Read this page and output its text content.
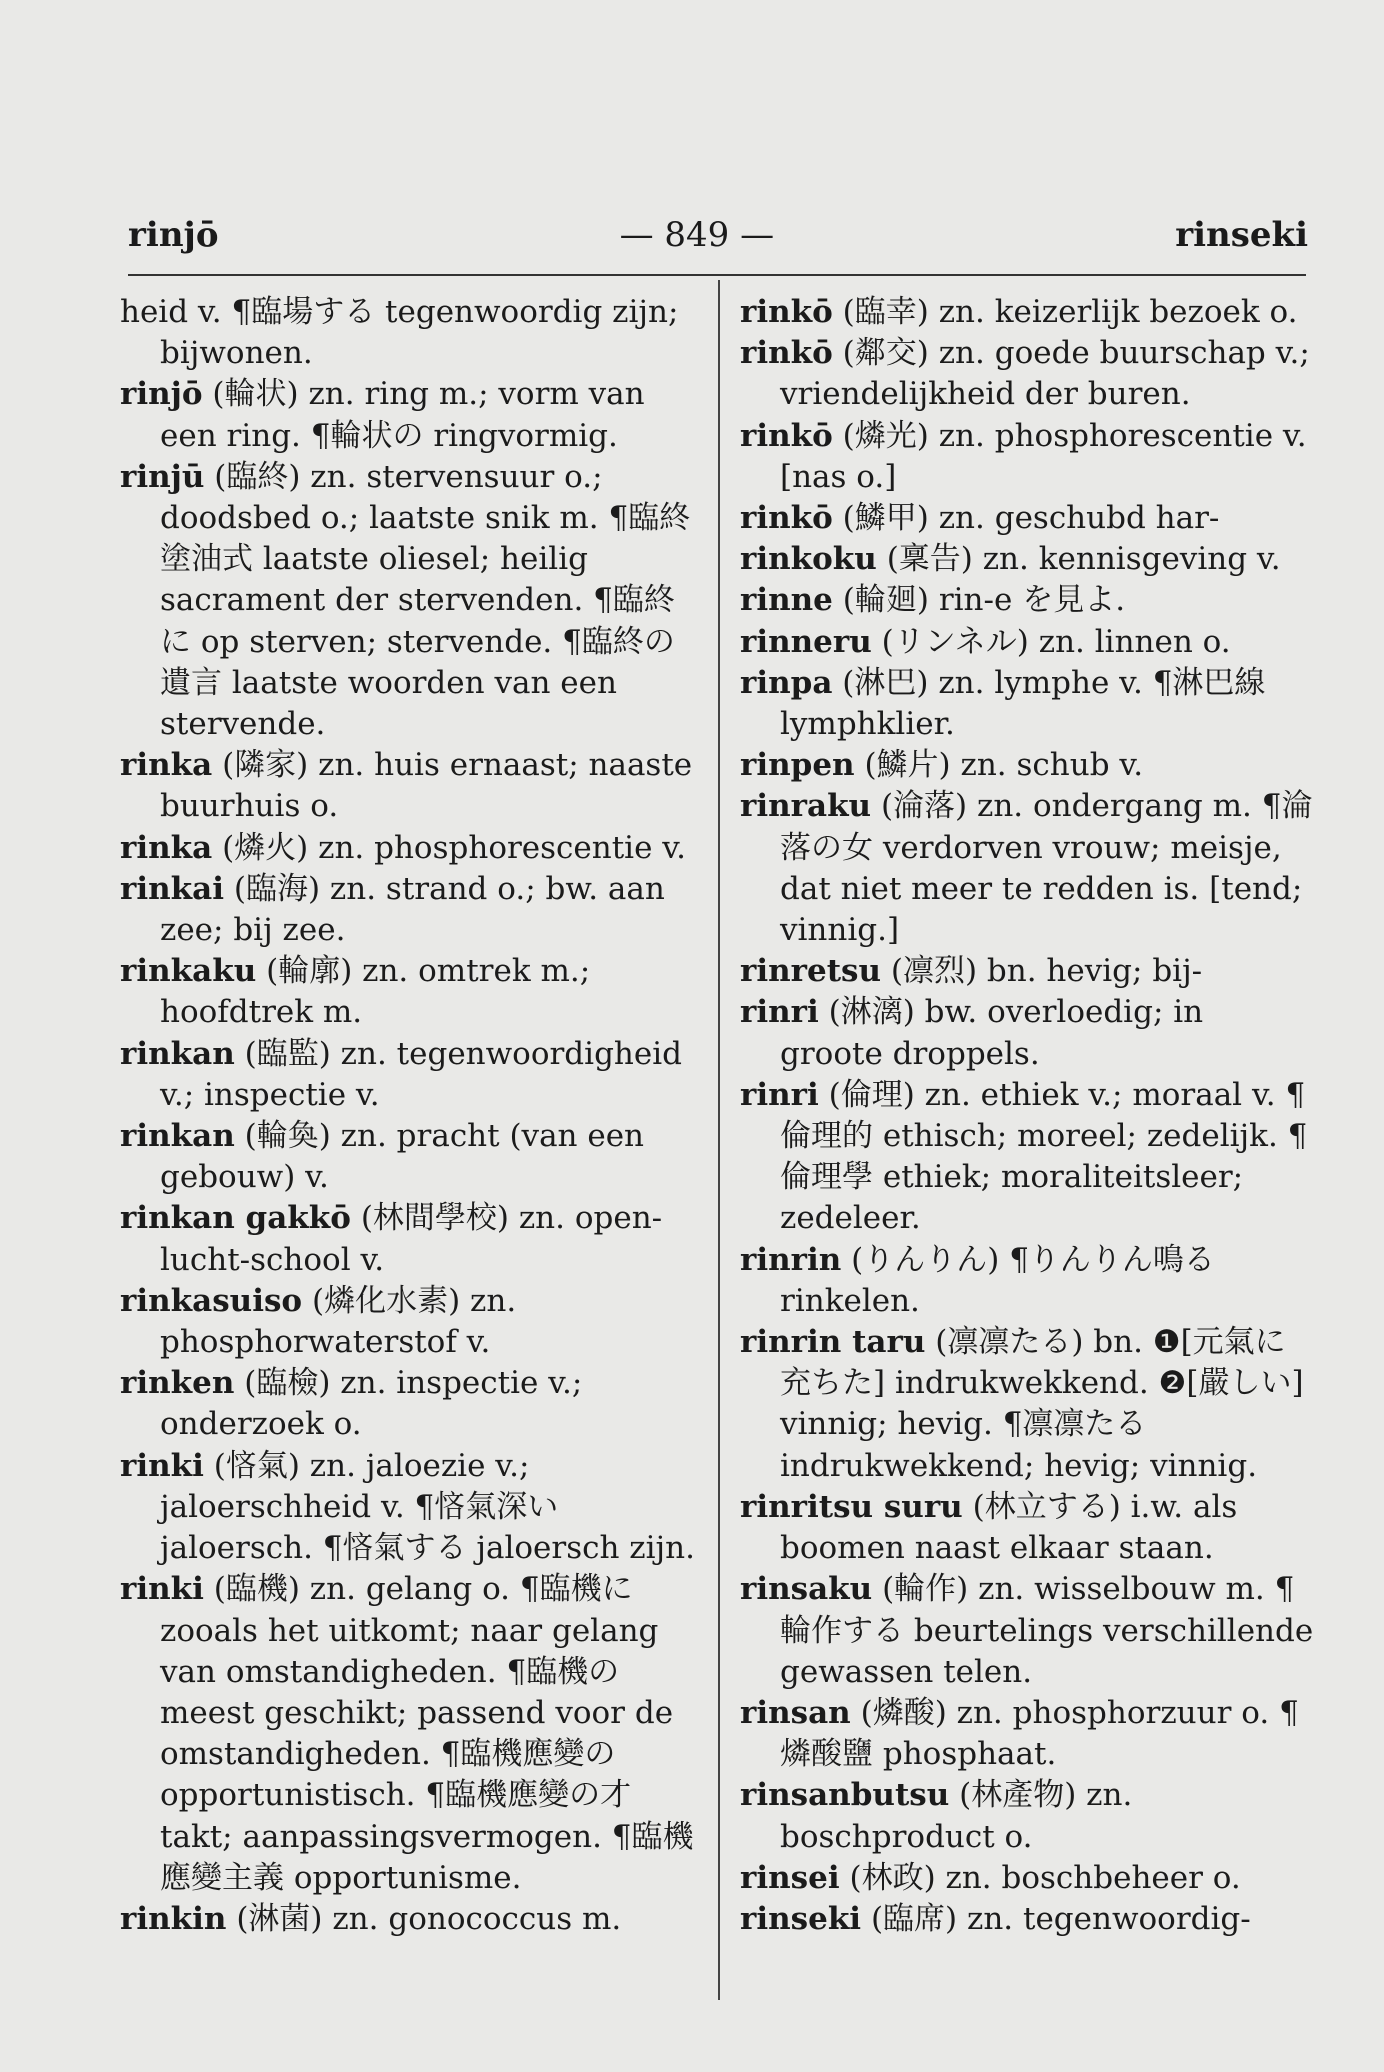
rinjō	— 849 —	rinseki

heid v. ¶臨場する tegenwoordig zijn; bijwonen.

rinjō (輪状) zn. ring m.; vorm van een ring. ¶輪状の ringvormig.

rinjū (臨終) zn. stervensuur o.; doodsbed o.; laatste snik m. ¶臨終塗油式 laatste oliesel; heilig sacrament der stervenden. ¶臨終に op sterven; stervende. ¶臨終の遺言 laatste woorden van een stervende.

rinka (隣家) zn. huis ernaast; naaste buurhuis o.

rinka (燐火) zn. phosphorescentie v.

rinkai (臨海) zn. strand o.; bw. aan zee; bij zee.

rinkaku (輪廓) zn. omtrek m.; hoofdtrek m.

rinkan (臨監) zn. tegenwoordigheid v.; inspectie v.

rinkan (輪奐) zn. pracht (van een gebouw) v.

rinkan gakkō (林間學校) zn. open-lucht-school v.

rinkasuiso (燐化水素) zn. phosphorwaterstof v.

rinken (臨檢) zn. inspectie v.; onderzoek o.

rinki (悋氣) zn. jaloezie v.; jaloerschheid v. ¶悋氣深い jaloersch. ¶悋氣する jaloersch zijn.

rinki (臨機) zn. gelang o. ¶臨機に zooals het uitkomt; naar gelang van omstandigheden. ¶臨機の meest geschikt; passend voor de omstandigheden. ¶臨機應變の opportunistisch. ¶臨機應變の才 takt; aanpassingsvermogen. ¶臨機應變主義 opportunisme.

rinkin (淋菌) zn. gonococcus m.

rinkō (臨幸) zn. keizerlijk bezoek o.

rinkō (鄰交) zn. goede buurschap v.; vriendelijkheid der buren.

rinkō (燐光) zn. phosphorescentie v. [nas o.]

rinkō (鱗甲) zn. geschubd har-

rinkoku (稟告) zn. kennisgeving v.

rinne (輪廻) rin-e を見よ.

rinneru (リンネル) zn. linnen o.

rinpa (淋巴) zn. lymphe v. ¶淋巴線 lymphklier.

rinpen (鱗片) zn. schub v.

rinraku (淪落) zn. ondergang m. ¶淪落の女 verdorven vrouw; meisje, dat niet meer te redden is. [tend; vinnig.]

rinretsu (凛烈) bn. hevig; bij-

rinri (淋漓) bw. overloedig; in groote droppels.

rinri (倫理) zn. ethiek v.; moraal v. ¶倫理的 ethisch; moreel; zedelijk. ¶倫理學 ethiek; moraliteitsleer; zedeleer.

rinrin (りんりん) ¶りんりん鳴る rinkelen.

rinrin taru (凛凛たる) bn. ❶[元氣に充ちた] indrukwekkend. ❷[嚴しい] vinnig; hevig. ¶凛凛たる indrukwekkend; hevig; vinnig.

rinritsu suru (林立する) i.w. als boomen naast elkaar staan.

rinsaku (輪作) zn. wisselbouw m. ¶輪作する beurtelings verschillende gewassen telen.

rinsan (燐酸) zn. phosphorzuur o. ¶燐酸鹽 phosphaat.

rinsanbutsu (林產物) zn. boschproduct o.

rinsei (林政) zn. boschbeheer o.

rinseki (臨席) zn. tegenwoordig-
